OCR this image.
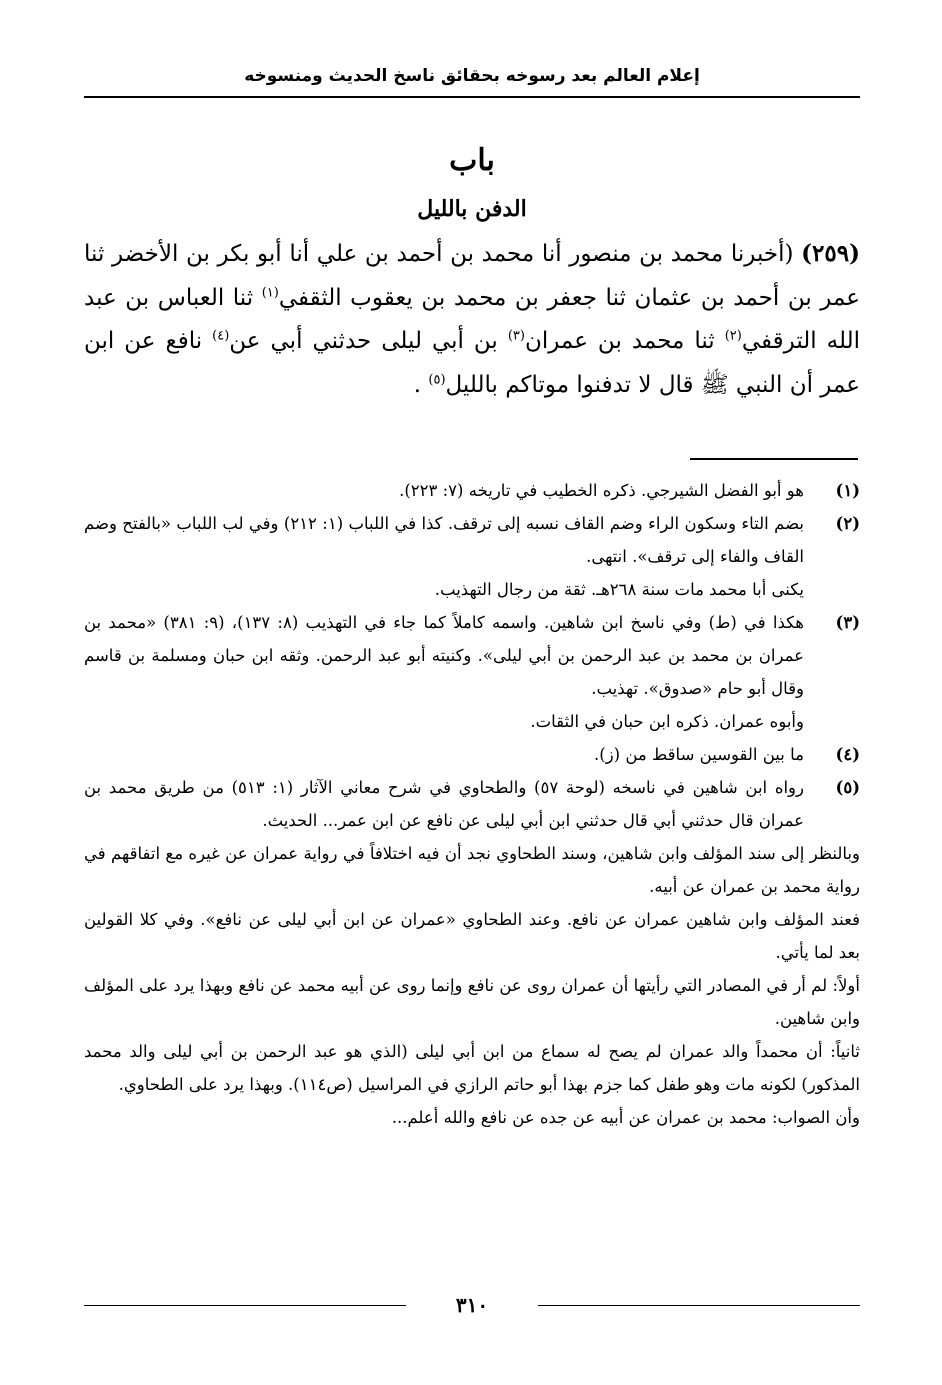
إعلام العالم بعد رسوخه بحقائق ناسخ الحديث ومنسوخه
باب
الدفن بالليل
(٢٥٩) (أخبرنا محمد بن منصور أنا محمد بن أحمد بن علي أنا أبو بكر بن الأخضر ثنا عمر بن أحمد بن عثمان ثنا جعفر بن محمد بن يعقوب الثقفي$^{(١)}$ ثنا العباس بن عبد الله الترقفي$^{(٢)}$ ثنا محمد بن عمران$^{(٣)}$ بن أبي ليلى حدثني أبي عن$^{(٤)}$ نافع عن ابن عمر أن النبي ﷺ قال لا تدفنوا موتاكم بالليل$^{(٥)}$ .
(١)

هو أبو الفضل الشيرجي. ذكره الخطيب في تاريخه (٧: ٢٢٣).

(٢)

بضم التاء وسكون الراء وضم القاف نسبه إلى ترقف. كذا في اللباب (١: ٢١٢) وفي لب اللباب «بالفتح وضم القاف والفاء إلى ترقف». انتهى.

يكنى أبا محمد مات سنة ٢٦٨هـ. ثقة من رجال التهذيب.

(٣)

هكذا في (ط) وفي ناسخ ابن شاهين. واسمه كاملاً كما جاء في التهذيب (٨: ١٣٧)، (٩: ٣٨١) «محمد بن عمران بن محمد بن عبد الرحمن بن أبي ليلى». وكنيته أبو عبد الرحمن. وثقه ابن حبان ومسلمة بن قاسم وقال أبو حام «صدوق». تهذيب.

وأبوه عمران. ذكره ابن حبان في الثقات.

(٤)

ما بين القوسين ساقط من (ز).

(٥)

رواه ابن شاهين في ناسخه (لوحة ٥٧) والطحاوي في شرح معاني الآثار (١: ٥١٣) من طريق محمد بن عمران قال حدثني أبي قال حدثني ابن أبي ليلى عن نافع عن ابن عمر... الحديث.

وبالنظر إلى سند المؤلف وابن شاهين، وسند الطحاوي نجد أن فيه اختلافاً في رواية عمران عن غيره مع اتفاقهم في رواية محمد بن عمران عن أبيه.

فعند المؤلف وابن شاهين عمران عن نافع. وعند الطحاوي «عمران عن ابن أبي ليلى عن نافع». وفي كلا القولين بعد لما يأتي.

أولاً: لم أر في المصادر التي رأيتها أن عمران روى عن نافع وإنما روى عن أبيه محمد عن نافع وبهذا يرد على المؤلف وابن شاهين.

ثانياً: أن محمداً والد عمران لم يصح له سماع من ابن أبي ليلى (الذي هو عبد الرحمن بن أبي ليلى والد محمد المذكور) لكونه مات وهو طفل كما جزم بهذا أبو حاتم الرازي في المراسيل (ص١١٤). وبهذا يرد على الطحاوي.

وأن الصواب: محمد بن عمران عن أبيه عن جده عن نافع والله أعلم...

٣١٠
